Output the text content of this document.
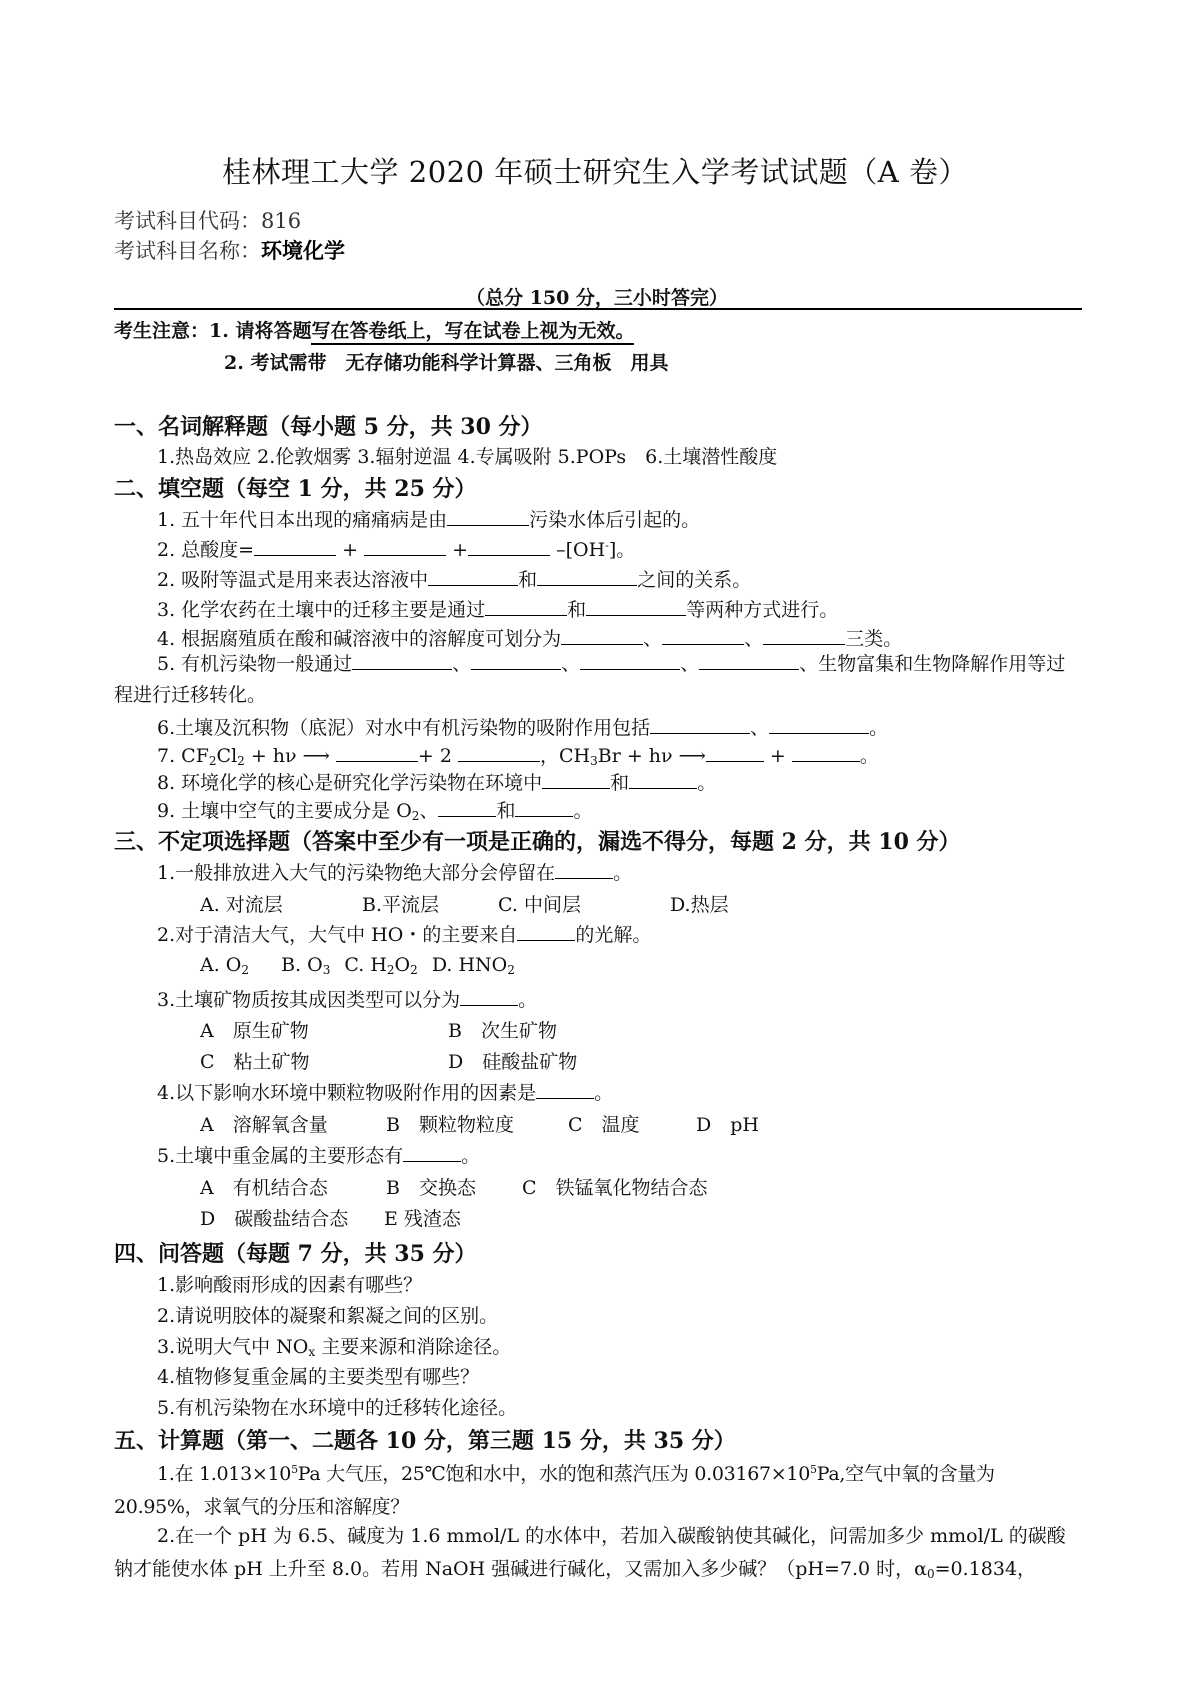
桂林理工大学 2020 年硕士研究生入学考试试题（A 卷）
考试科目代码：816
考试科目名称：环境化学
（总分 150 分，三小时答完）
考生注意：1. 请将答题写在答卷纸上，写在试卷上视为无效。
2. 考试需带　无存储功能科学计算器、三角板　用具
一、名词解释题（每小题 5 分，共 30 分）
1.热岛效应 2.伦敦烟雾 3.辐射逆温 4.专属吸附 5.POPs　6.土壤潜性酸度
二、填空题（每空 1 分，共 25 分）
1. 五十年代日本出现的痛痛病是由	污染水体后引起的。
2. 总酸度=	+	+	–[OH-]。
2. 吸附等温式是用来表达溶液中	和	之间的关系。
3. 化学农药在土壤中的迁移主要是通过	和	等两种方式进行。
4. 根据腐殖质在酸和碱溶液中的溶解度可划分为	、	、	三类。
5. 有机污染物一般通过	、	、	、	、生物富集和生物降解作用等过程进行迁移转化。
6.土壤及沉积物（底泥）对水中有机污染物的吸附作用包括	、	。
7. $CF_2Cl_2 + h\nu$ ⟶	+ 2	，$CH_3Br + h\nu$ ⟶	+	。
8. 环境化学的核心是研究化学污染物在环境中	和	。
9. 土壤中空气的主要成分是 $O_2$、	和	。
三、不定项选择题（答案中至少有一项是正确的，漏选不得分，每题 2 分，共 10 分）
1.一般排放进入大气的污染物绝大部分会停留在	。
A. 对流层	B.平流层	C. 中间层	D.热层
2.对于清洁大气，大气中 HO・的主要来自	的光解。
A. $O_2$ B. $O_3$ C. $H_2O_2$ D. $HNO_2$
3.土壤矿物质按其成因类型可以分为	。
A　原生矿物	B　次生矿物
C　粘土矿物	D　硅酸盐矿物
4.以下影响水环境中颗粒物吸附作用的因素是	。
A　溶解氧含量	B　颗粒物粒度	C　温度	D　pH
5.土壤中重金属的主要形态有	。
A　有机结合态	B　交换态 C　铁锰氧化物结合态
D　碳酸盐结合态 E 残渣态
四、问答题（每题 7 分，共 35 分）
1.影响酸雨形成的因素有哪些？
2.请说明胶体的凝聚和絮凝之间的区别。
3.说明大气中 $NO_x$ 主要来源和消除途径。
4.植物修复重金属的主要类型有哪些？
5.有机污染物在水环境中的迁移转化途径。
五、计算题（第一、二题各 10 分，第三题 15 分，共 35 分）
1.在 $1.013\times 10^5Pa$ 大气压，25℃饱和水中，水的饱和蒸汽压为 $0.03167\times 10^5Pa$,空气中氧的含量为 20.95%，求氧气的分压和溶解度？
2.在一个 pH 为 6.5、碱度为 1.6 mmol/L 的水体中，若加入碳酸钠使其碱化，问需加多少 mmol/L 的碳酸钠才能使水体 pH 上升至 8.0。若用 NaOH 强碱进行碱化，又需加入多少碱？（pH=7.0 时，$\alpha_0=0.1834$，
